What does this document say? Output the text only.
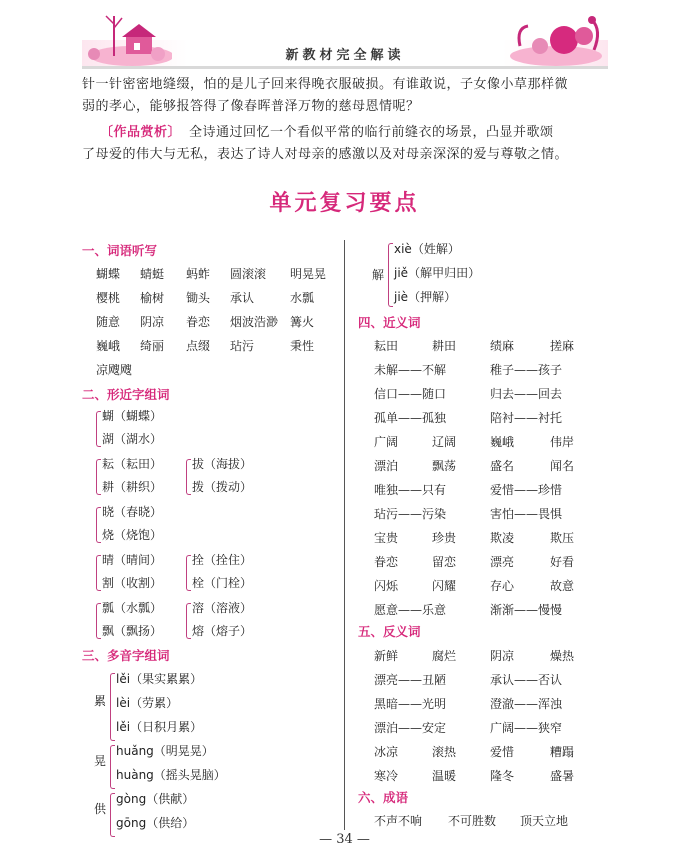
新教材完全解读
针一针密密地缝缀，怕的是儿子回来得晚衣服破损。有谁敢说，子女像小草那样微
弱的孝心，能够报答得了像春晖普泽万物的慈母恩情呢？
〔作品赏析〕 全诗通过回忆一个看似平常的临行前缝衣的场景，凸显并歌颂
了母爱的伟大与无私，表达了诗人对母亲的感激以及对母亲深深的爱与尊敬之情。
单元复习要点
一、词语听写
蝴蝶 蜻蜓 蚂蚱 圆滚滚 明晃晃
樱桃 榆树 锄头 承认	水瓢
随意 阴凉 眷恋 烟波浩渺 篝火
巍峨 绮丽 点缀 玷污	秉性
凉飕飕
二、形近字组词
蝴（蝴蝶）
湖（湖水）
耘（耘田）
耕（耕织）
拔（海拔）
拨（拨动）
晓（春晓）
烧（烧饱）
晴（晴间）
割（收割）
拴（拴住）
栓（门栓）
瓢（水瓢）
飘（飘扬）
溶（溶液）
熔（熔子）
三、多音字组词
累
lěi（果实累累）
lèi（劳累）
lěi（日积月累）
晃
huǎng（明晃晃）
huàng（摇头晃脑）
供
gòng（供献）
gōng（供给）
解
xiè（姓解）
jiě（解甲归田）
jiè（押解）
四、近义词
耘田	耕田	绩麻	搓麻
未解——不解	稚子——孩子
信口——随口	归去——回去
孤单——孤独	陪衬——衬托
广阔	辽阔	巍峨	伟岸
漂泊	飘荡	盛名	闻名
唯独——只有	爱惜——珍惜
玷污——污染	害怕——畏惧
宝贵	珍贵	欺凌	欺压
眷恋	留恋	漂亮	好看
闪烁	闪耀	存心	故意
愿意——乐意	渐渐——慢慢
五、反义词
新鲜	腐烂	阴凉	燥热
漂亮——丑陋	承认——否认
黑暗——光明	澄澈——浑浊
漂泊——安定	广阔——狭窄
冰凉	滚热	爱惜	糟蹋
寒冷	温暖	隆冬	盛暑
六、成语
不声不响 不可胜数 顶天立地
— 34 —
